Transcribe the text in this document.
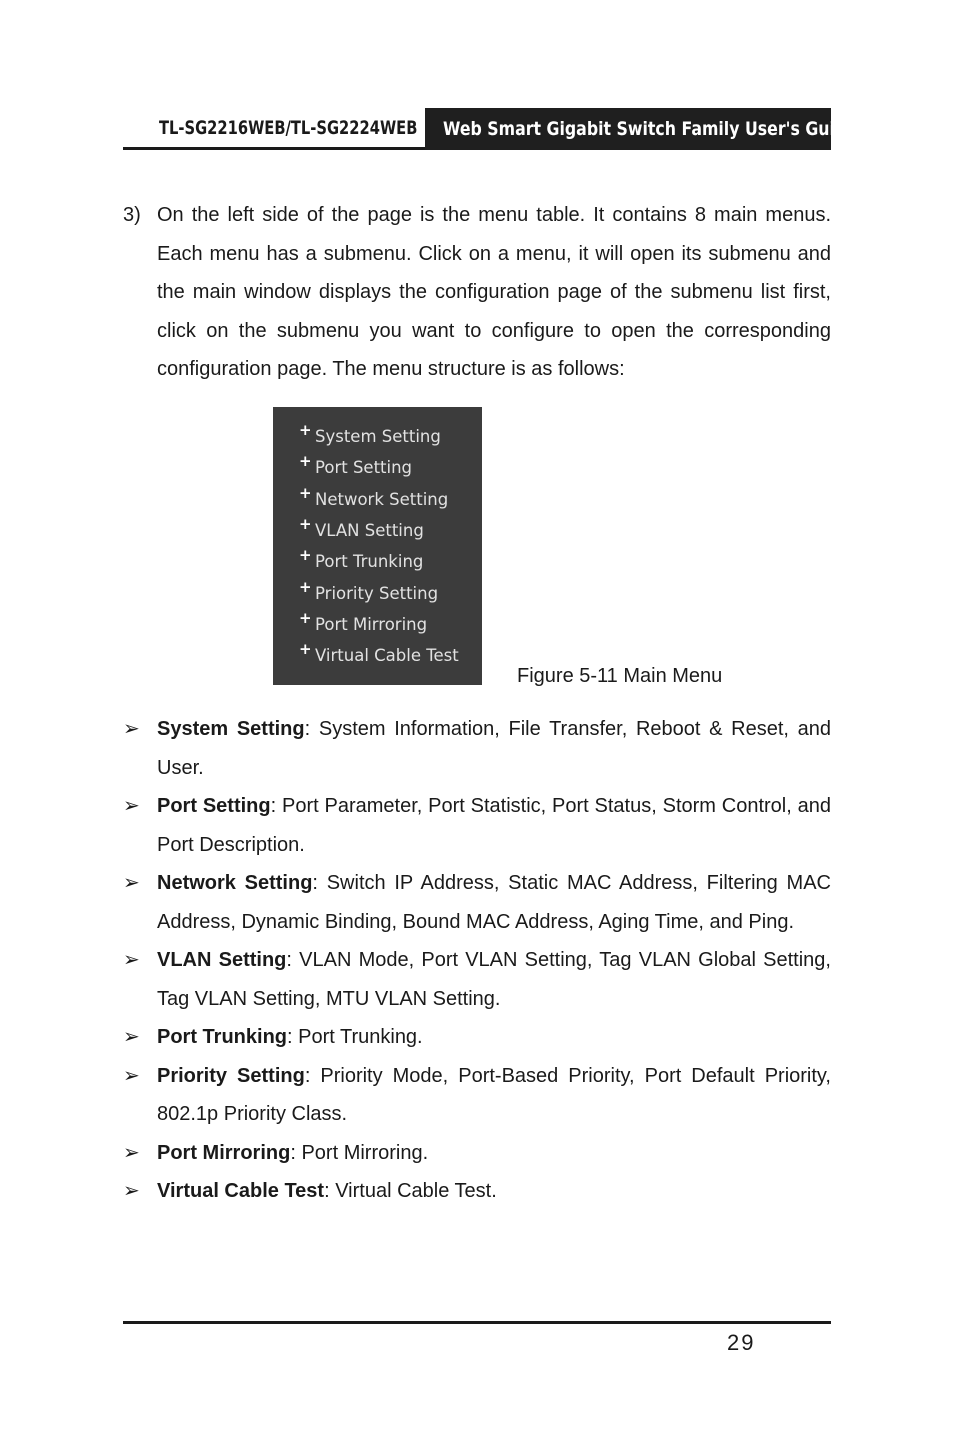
TL-SG2216WEB/TL-SG2224WEB Web Smart Gigabit Switch Family User's Guide
3) On the left side of the page is the menu table. It contains 8 main menus. Each menu has a submenu. Click on a menu, it will open its submenu and the main window displays the configuration page of the submenu list first, click on the submenu you want to configure to open the corresponding configuration page. The menu structure is as follows:

+ System Setting
+ Port Setting
+ Network Setting
+ VLAN Setting
+ Port Trunking
+ Priority Setting
+ Port Mirroring
+ Virtual Cable Test
Figure 5-11 Main Menu
➢ System Setting: System Information, File Transfer, Reboot & Reset, and User.

➢ Port Setting: Port Parameter, Port Statistic, Port Status, Storm Control, and Port Description.

➢ Network Setting: Switch IP Address, Static MAC Address, Filtering MAC Address, Dynamic Binding, Bound MAC Address, Aging Time, and Ping.

➢ VLAN Setting: VLAN Mode, Port VLAN Setting, Tag VLAN Global Setting, Tag VLAN Setting, MTU VLAN Setting.

➢ Port Trunking: Port Trunking.

➢ Priority Setting: Priority Mode, Port-Based Priority, Port Default Priority, 802.1p Priority Class.

➢ Port Mirroring: Port Mirroring.

➢ Virtual Cable Test: Virtual Cable Test.

29
